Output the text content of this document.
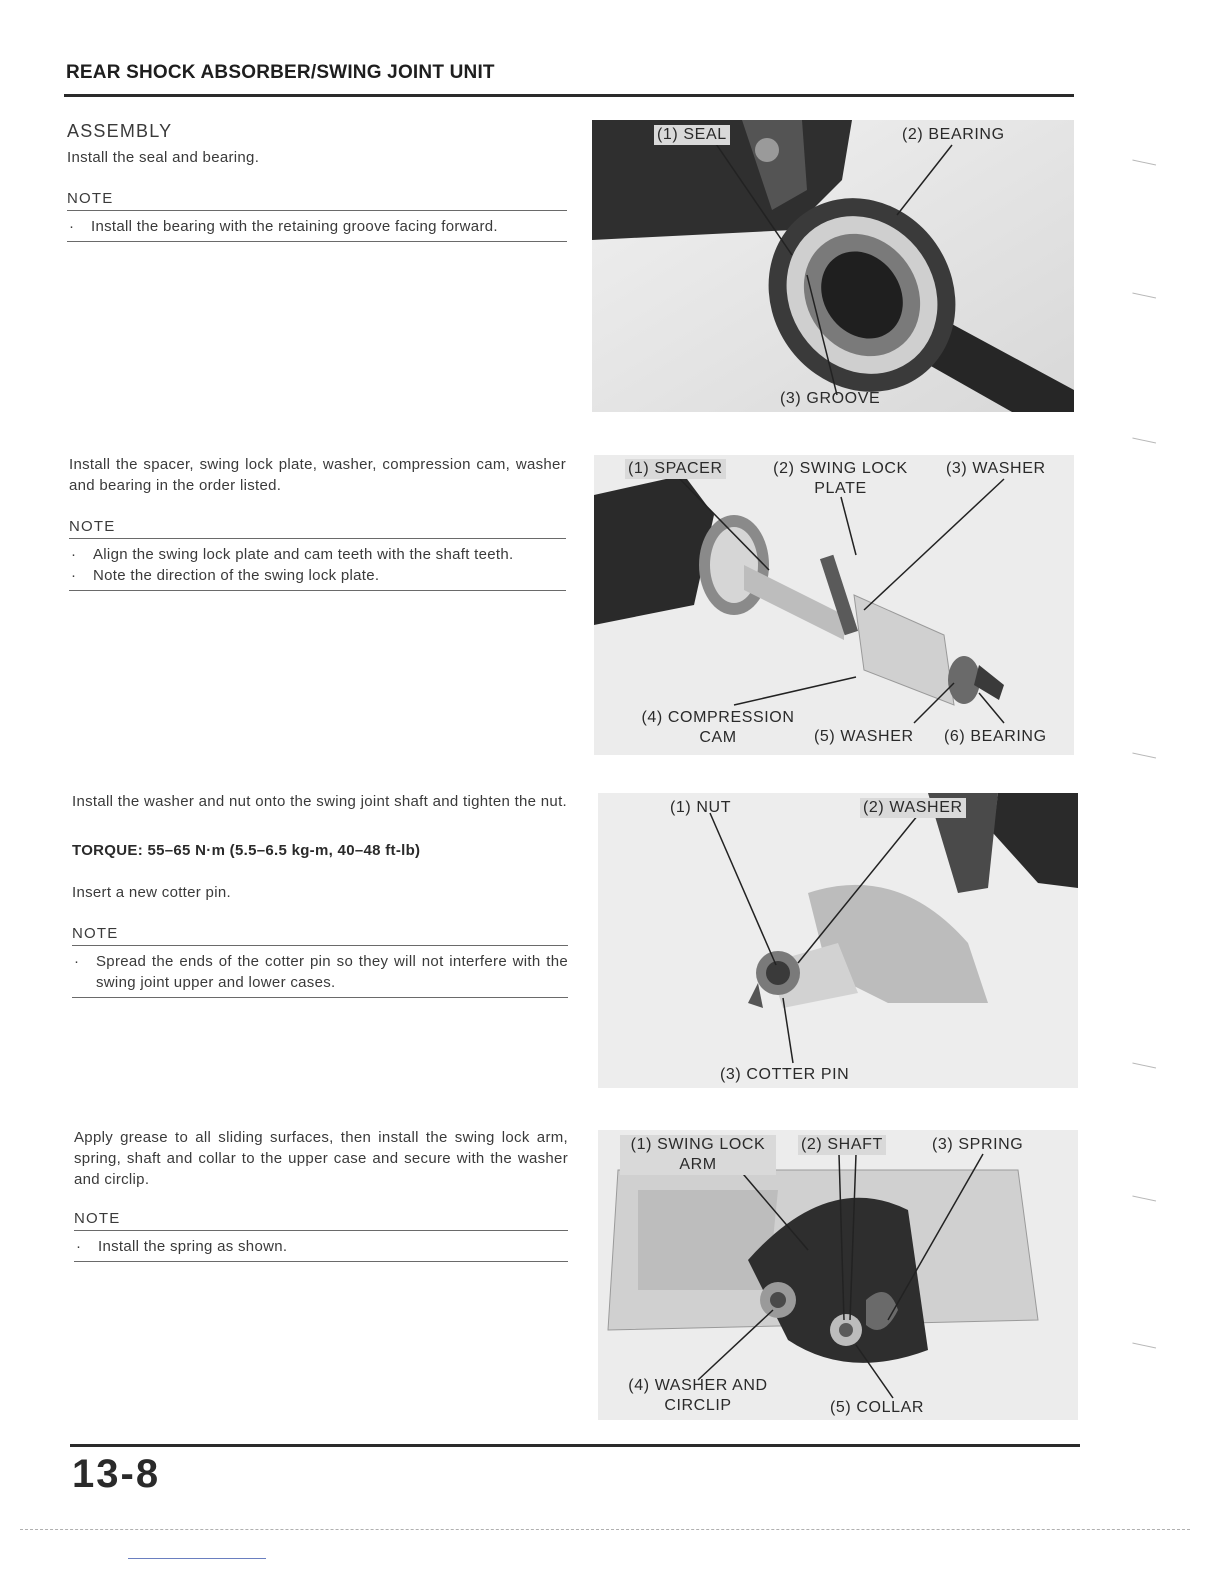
REAR SHOCK ABSORBER/SWING JOINT UNIT
ASSEMBLY
Install the seal and bearing.
NOTE
· Install the bearing with the retaining groove facing forward.
(1) SEAL	(2) BEARING
(3) GROOVE
Install the spacer, swing lock plate, washer, compression cam, washer and bearing in the order listed.
NOTE
· Align the swing lock plate and cam teeth with the shaft teeth.
· Note the direction of the swing lock plate.
(1) SPACER	(2) SWING LOCK PLATE
(3) WASHER
(4) COMPRESSION CAM	(5) WASHER (6) BEARING
Install the washer and nut onto the swing joint shaft and tighten the nut.
TORQUE: 55–65 N·m (5.5–6.5 kg-m, 40–48 ft-lb)
Insert a new cotter pin.
NOTE
· Spread the ends of the cotter pin so they will not interfere with the swing joint upper and lower cases.
(1) NUT	(2) WASHER
(3) COTTER PIN
Apply grease to all sliding surfaces, then install the swing lock arm, spring, shaft and collar to the upper case and secure with the washer and circlip.
NOTE
· Install the spring as shown.
(1) SWING LOCK ARM
(2) SHAFT	(3) SPRING
(4) WASHER AND CIRCLIP	(5) COLLAR
13-8
